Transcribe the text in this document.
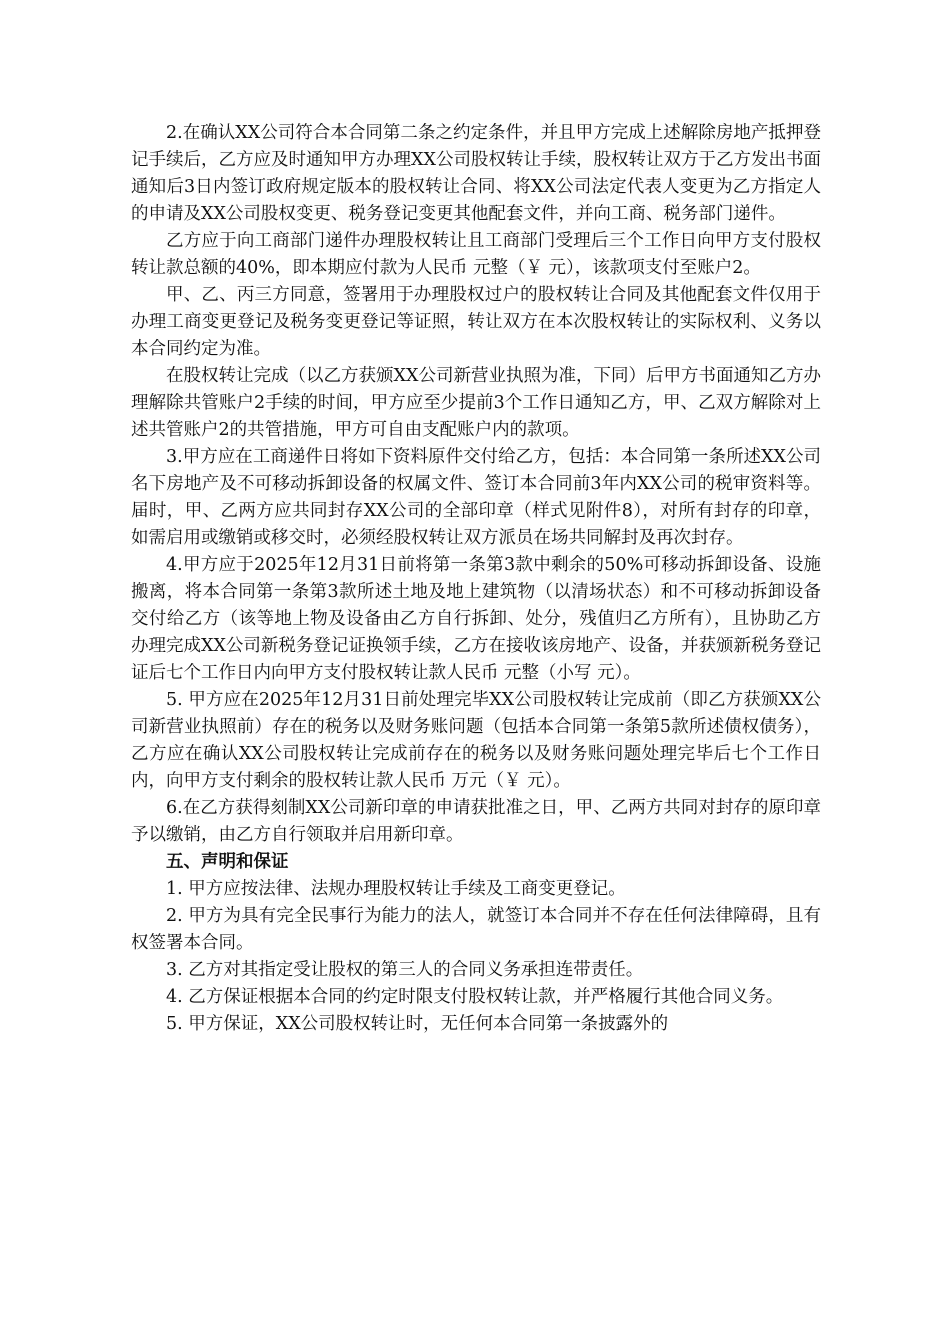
2.在确认XX公司符合本合同第二条之约定条件，并且甲方完成上述解除房地产抵押登记手续后，乙方应及时通知甲方办理XX公司股权转让手续，股权转让双方于乙方发出书面通知后3日内签订政府规定版本的股权转让合同、将XX公司法定代表人变更为乙方指定人的申请及XX公司股权变更、税务登记变更其他配套文件，并向工商、税务部门递件。

乙方应于向工商部门递件办理股权转让且工商部门受理后三个工作日向甲方支付股权转让款总额的40%，即本期应付款为人民币 元整（￥ 元），该款项支付至账户2。

甲、乙、丙三方同意，签署用于办理股权过户的股权转让合同及其他配套文件仅用于办理工商变更登记及税务变更登记等证照，转让双方在本次股权转让的实际权利、义务以本合同约定为准。

在股权转让完成（以乙方获颁XX公司新营业执照为准，下同）后甲方书面通知乙方办理解除共管账户2手续的时间，甲方应至少提前3个工作日通知乙方，甲、乙双方解除对上述共管账户2的共管措施，甲方可自由支配账户内的款项。

3.甲方应在工商递件日将如下资料原件交付给乙方，包括：本合同第一条所述XX公司名下房地产及不可移动拆卸设备的权属文件、签订本合同前3年内XX公司的税审资料等。届时，甲、乙两方应共同封存XX公司的全部印章（样式见附件8），对所有封存的印章，如需启用或缴销或移交时，必须经股权转让双方派员在场共同解封及再次封存。

4.甲方应于2025年12月31日前将第一条第3款中剩余的50%可移动拆卸设备、设施搬离，将本合同第一条第3款所述土地及地上建筑物（以清场状态）和不可移动拆卸设备交付给乙方（该等地上物及设备由乙方自行拆卸、处分，残值归乙方所有），且协助乙方办理完成XX公司新税务登记证换领手续，乙方在接收该房地产、设备，并获颁新税务登记证后七个工作日内向甲方支付股权转让款人民币 元整（小写 元）。

5. 甲方应在2025年12月31日前处理完毕XX公司股权转让完成前（即乙方获颁XX公司新营业执照前）存在的税务以及财务账问题（包括本合同第一条第5款所述债权债务），乙方应在确认XX公司股权转让完成前存在的税务以及财务账问题处理完毕后七个工作日内，向甲方支付剩余的股权转让款人民币 万元（￥ 元）。

6.在乙方获得刻制XX公司新印章的申请获批准之日，甲、乙两方共同对封存的原印章予以缴销，由乙方自行领取并启用新印章。

五、声明和保证

1. 甲方应按法律、法规办理股权转让手续及工商变更登记。

2. 甲方为具有完全民事行为能力的法人，就签订本合同并不存在任何法律障碍，且有权签署本合同。

3. 乙方对其指定受让股权的第三人的合同义务承担连带责任。

4. 乙方保证根据本合同的约定时限支付股权转让款，并严格履行其他合同义务。

5. 甲方保证，XX公司股权转让时，无任何本合同第一条披露外的
